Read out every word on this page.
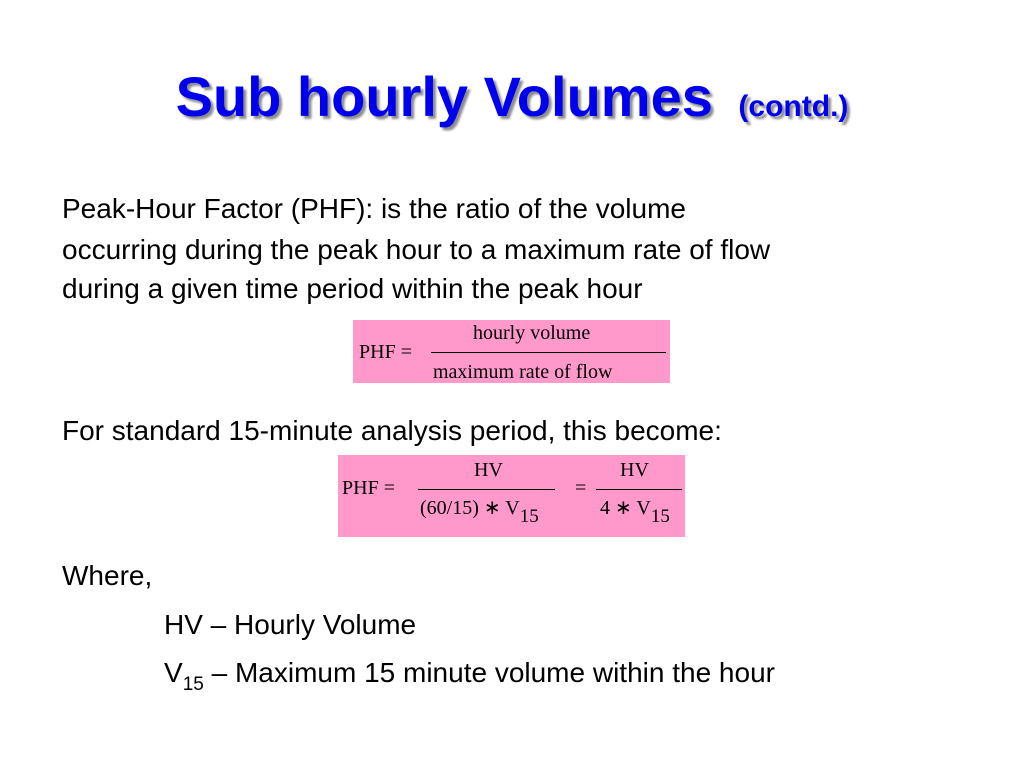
Sub hourly Volumes (contd.)
Peak-Hour Factor (PHF): is the ratio of the volume
occurring during the peak hour to a maximum rate of flow
during a given time period within the peak hour
PHF =
hourly volume
maximum rate of flow
For standard 15-minute analysis period, this become:
PHF =
HV
(60/15) ∗ V15
=
HV
4 ∗ V15
Where,
HV – Hourly Volume
$V_{15}$ – Maximum 15 minute volume within the hour
